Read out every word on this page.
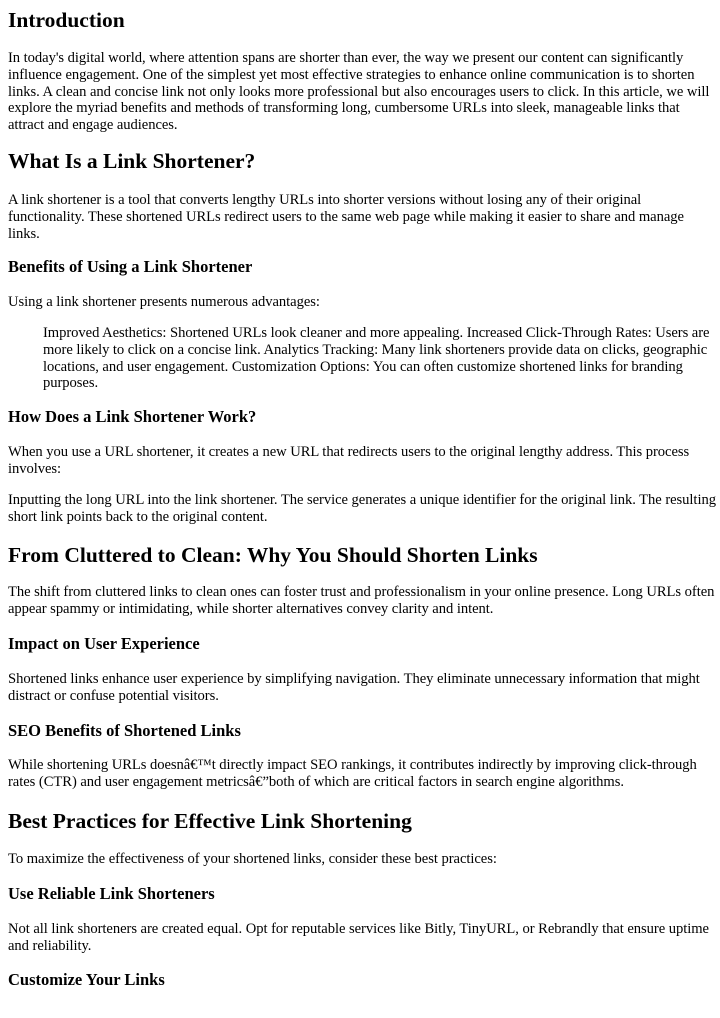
Introduction

In today's digital world, where attention spans are shorter than ever, the way we present our content can significantly influence engagement. One of the simplest yet most effective strategies to enhance online communication is to shorten links. A clean and concise link not only looks more professional but also encourages users to click. In this article, we will explore the myriad benefits and methods of transforming long, cumbersome URLs into sleek, manageable links that attract and engage audiences.

What Is a Link Shortener?

A link shortener is a tool that converts lengthy URLs into shorter versions without losing any of their original functionality. These shortened URLs redirect users to the same web page while making it easier to share and manage links.

Benefits of Using a Link Shortener

Using a link shortener presents numerous advantages:

Improved Aesthetics: Shortened URLs look cleaner and more appealing. Increased Click-Through Rates: Users are more likely to click on a concise link. Analytics Tracking: Many link shorteners provide data on clicks, geographic locations, and user engagement. Customization Options: You can often customize shortened links for branding purposes.
How Does a Link Shortener Work?

When you use a URL shortener, it creates a new URL that redirects users to the original lengthy address. This process involves:

Inputting the long URL into the link shortener. The service generates a unique identifier for the original link. The resulting short link points back to the original content.

From Cluttered to Clean: Why You Should Shorten Links

The shift from cluttered links to clean ones can foster trust and professionalism in your online presence. Long URLs often appear spammy or intimidating, while shorter alternatives convey clarity and intent.

Impact on User Experience

Shortened links enhance user experience by simplifying navigation. They eliminate unnecessary information that might distract or confuse potential visitors.

SEO Benefits of Shortened Links

While shortening URLs doesnâ€™t directly impact SEO rankings, it contributes indirectly by improving click-through rates (CTR) and user engagement metricsâ€”both of which are critical factors in search engine algorithms.

Best Practices for Effective Link Shortening

To maximize the effectiveness of your shortened links, consider these best practices:

Use Reliable Link Shorteners

Not all link shorteners are created equal. Opt for reputable services like Bitly, TinyURL, or Rebrandly that ensure uptime and reliability.

Customize Your Links
